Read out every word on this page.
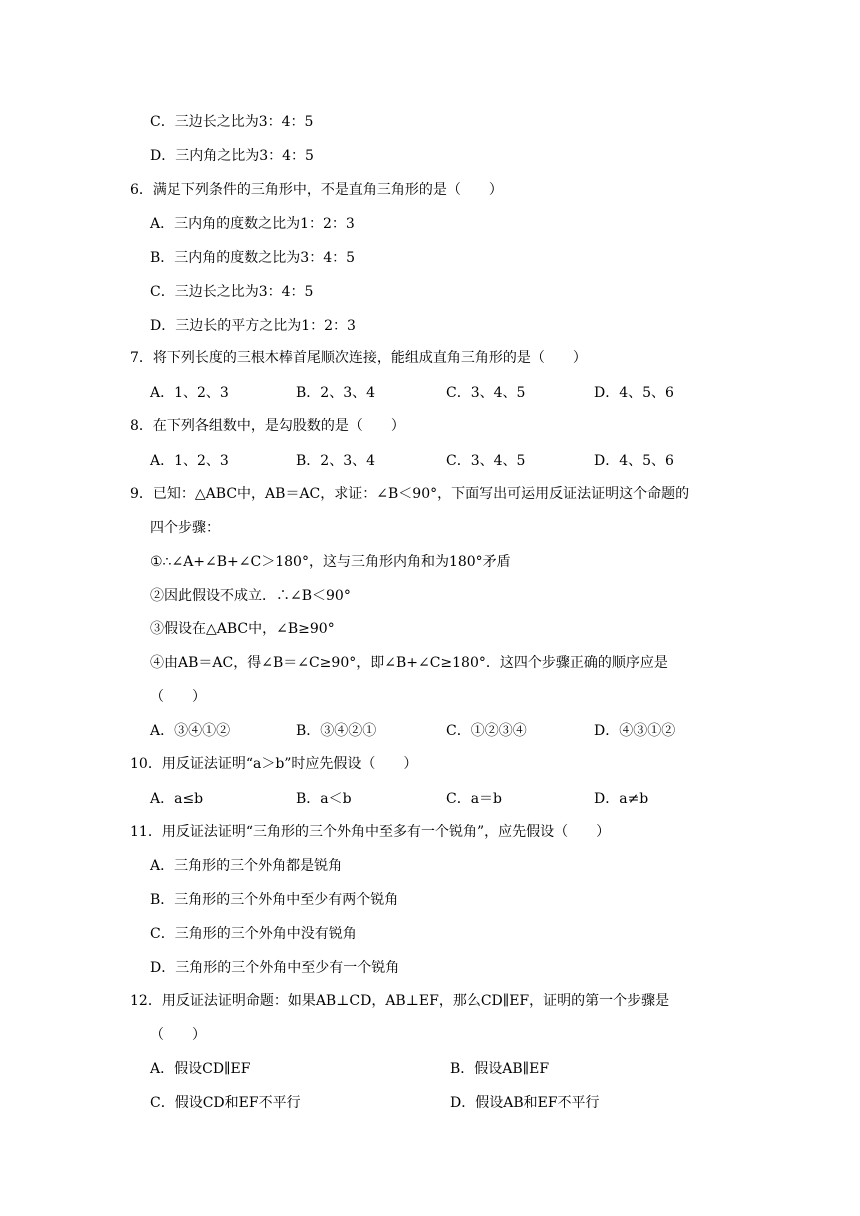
C．三边长之比为3：4：5
D．三内角之比为3：4：5
6．满足下列条件的三角形中，不是直角三角形的是（　　）
A．三内角的度数之比为1：2：3
B．三内角的度数之比为3：4：5
C．三边长之比为3：4：5
D．三边长的平方之比为1：2：3
7．将下列长度的三根木棒首尾顺次连接，能组成直角三角形的是（　　）
A．1、2、3	B．2、3、4	C．3、4、5	D．4、5、6
8．在下列各组数中，是勾股数的是（　　）
A．1、2、3	B．2、3、4	C．3、4、5	D．4、5、6
9．已知：△ABC中，AB＝AC，求证：∠B＜90°，下面写出可运用反证法证明这个命题的
四个步骤：
①∴∠A+∠B+∠C＞180°，这与三角形内角和为180°矛盾
②因此假设不成立．∴∠B＜90°
③假设在△ABC中，∠B≥90°
④由AB＝AC，得∠B＝∠C≥90°，即∠B+∠C≥180°．这四个步骤正确的顺序应是
（　　）
A．③④①②	B．③④②①	C．①②③④	D．④③①②
10．用反证法证明“a＞b”时应先假设（　　）
A．a≤b	B．a＜b	C．a＝b	D．a≠b
11．用反证法证明“三角形的三个外角中至多有一个锐角”，应先假设（　　）
A．三角形的三个外角都是锐角
B．三角形的三个外角中至少有两个锐角
C．三角形的三个外角中没有锐角
D．三角形的三个外角中至少有一个锐角
12．用反证法证明命题：如果AB⊥CD，AB⊥EF，那么CD∥EF，证明的第一个步骤是
（　　）
A．假设CD∥EF	B．假设AB∥EF
C．假设CD和EF不平行	D．假设AB和EF不平行
